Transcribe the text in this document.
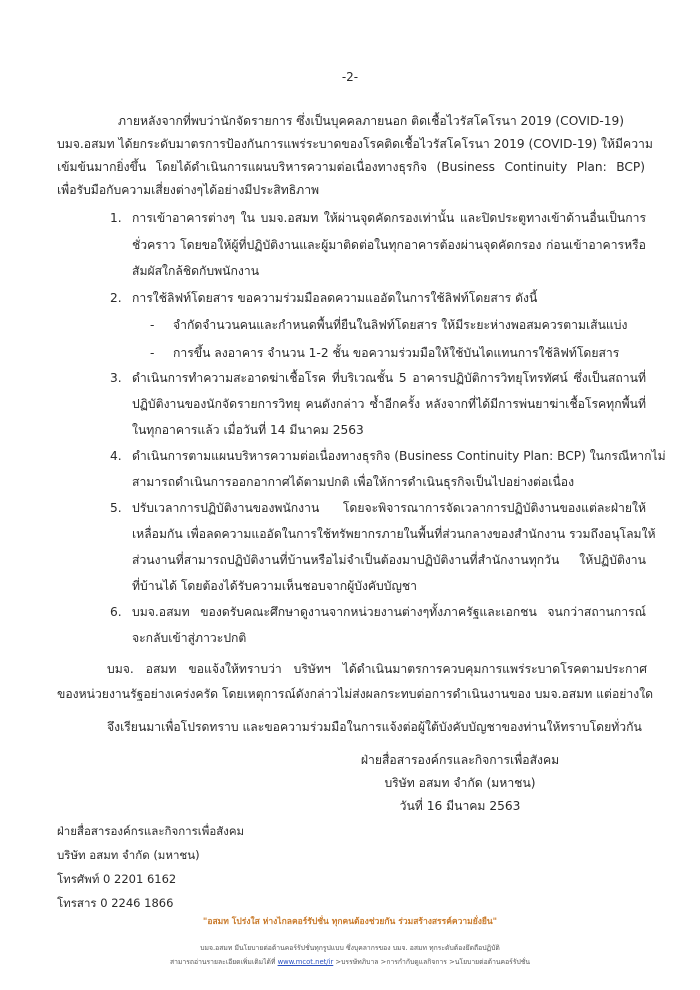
-2-
ภายหลังจากที่พบว่านักจัดรายการ ซึ่งเป็นบุคคลภายนอก ติดเชื้อไวรัสโคโรนา 2019 (COVID-19)
บมจ.อสมท ได้ยกระดับมาตรการป้องกันการแพร่ระบาดของโรคติดเชื้อไวรัสโคโรนา 2019 (COVID-19) ให้มีความ
เข้มข้นมากยิ่งขึ้น โดยได้ดำเนินการแผนบริหารความต่อเนื่องทางธุรกิจ (Business Continuity Plan: BCP)
เพื่อรับมือกับความเสี่ยงต่างๆได้อย่างมีประสิทธิภาพ
1. การเข้าอาคารต่างๆ ใน บมจ.อสมท ให้ผ่านจุดคัดกรองเท่านั้น และปิดประตูทางเข้าด้านอื่นเป็นการ
ชั่วคราว โดยขอให้ผู้ที่ปฏิบัติงานและผู้มาติดต่อในทุกอาคารต้องผ่านจุดคัดกรอง ก่อนเข้าอาคารหรือ
สัมผัสใกล้ชิดกับพนักงาน
2. การใช้ลิฟท์โดยสาร ขอความร่วมมือลดความแออัดในการใช้ลิฟท์โดยสาร ดังนี้
- จำกัดจำนวนคนและกำหนดพื้นที่ยืนในลิฟท์โดยสาร ให้มีระยะห่างพอสมควรตามเส้นแบ่ง
- การขึ้น ลงอาคาร จำนวน 1-2 ชั้น ขอความร่วมมือให้ใช้บันไดแทนการใช้ลิฟท์โดยสาร
3. ดำเนินการทำความสะอาดฆ่าเชื้อโรค ที่บริเวณชั้น 5 อาคารปฏิบัติการวิทยุโทรทัศน์ ซึ่งเป็นสถานที่
ปฏิบัติงานของนักจัดรายการวิทยุ คนดังกล่าว ซ้ำอีกครั้ง หลังจากที่ได้มีการพ่นยาฆ่าเชื้อโรคทุกพื้นที่
ในทุกอาคารแล้ว เมื่อวันที่ 14 มีนาคม 2563
4. ดำเนินการตามแผนบริหารความต่อเนื่องทางธุรกิจ (Business Continuity Plan: BCP) ในกรณีหากไม่
สามารถดำเนินการออกอากาศได้ตามปกติ เพื่อให้การดำเนินธุรกิจเป็นไปอย่างต่อเนื่อง
5. ปรับเวลาการปฏิบัติงานของพนักงาน โดยจะพิจารณาการจัดเวลาการปฏิบัติงานของแต่ละฝ่ายให้
เหลื่อมกัน เพื่อลดความแออัดในการใช้ทรัพยากรภายในพื้นที่ส่วนกลางของสำนักงาน รวมถึงอนุโลมให้
ส่วนงานที่สามารถปฏิบัติงานที่บ้านหรือไม่จำเป็นต้องมาปฏิบัติงานที่สำนักงานทุกวัน ให้ปฏิบัติงาน
ที่บ้านได้ โดยต้องได้รับความเห็นชอบจากผู้บังคับบัญชา
6. บมจ.อสมท ของดรับคณะศึกษาดูงานจากหน่วยงานต่างๆทั้งภาครัฐและเอกชน จนกว่าสถานการณ์
จะกลับเข้าสู่ภาวะปกติ
บมจ. อสมท ขอแจ้งให้ทราบว่า บริษัทฯ ได้ดำเนินมาตรการควบคุมการแพร่ระบาดโรคตามประกาศ
ของหน่วยงานรัฐอย่างเคร่งครัด โดยเหตุการณ์ดังกล่าวไม่ส่งผลกระทบต่อการดำเนินงานของ บมจ.อสมท แต่อย่างใด
จึงเรียนมาเพื่อโปรดทราบ และขอความร่วมมือในการแจ้งต่อผู้ใต้บังคับบัญชาของท่านให้ทราบโดยทั่วกัน
ฝ่ายสื่อสารองค์กรและกิจการเพื่อสังคม
บริษัท อสมท จำกัด (มหาชน)
วันที่ 16 มีนาคม 2563
ฝ่ายสื่อสารองค์กรและกิจการเพื่อสังคม
บริษัท อสมท จำกัด (มหาชน)
โทรศัพท์ 0 2201 6162
โทรสาร 0 2246 1866
"อสมท โปร่งใส ห่างไกลคอร์รัปชั่น ทุกคนต้องช่วยกัน ร่วมสร้างสรรค์ความยั่งยืน"
บมจ.อสมท มีนโยบายต่อต้านคอร์รัปชั่นทุกรูปแบบ ซึ่งบุคลากรของ บมจ. อสมท ทุกระดับต้องยึดถือปฏิบัติ
สามารถอ่านรายละเอียดเพิ่มเติมได้ที่ www.mcot.net/ir >บรรษัทภิบาล >การกำกับดูแลกิจการ >นโยบายต่อต้านคอร์รัปชั่น
